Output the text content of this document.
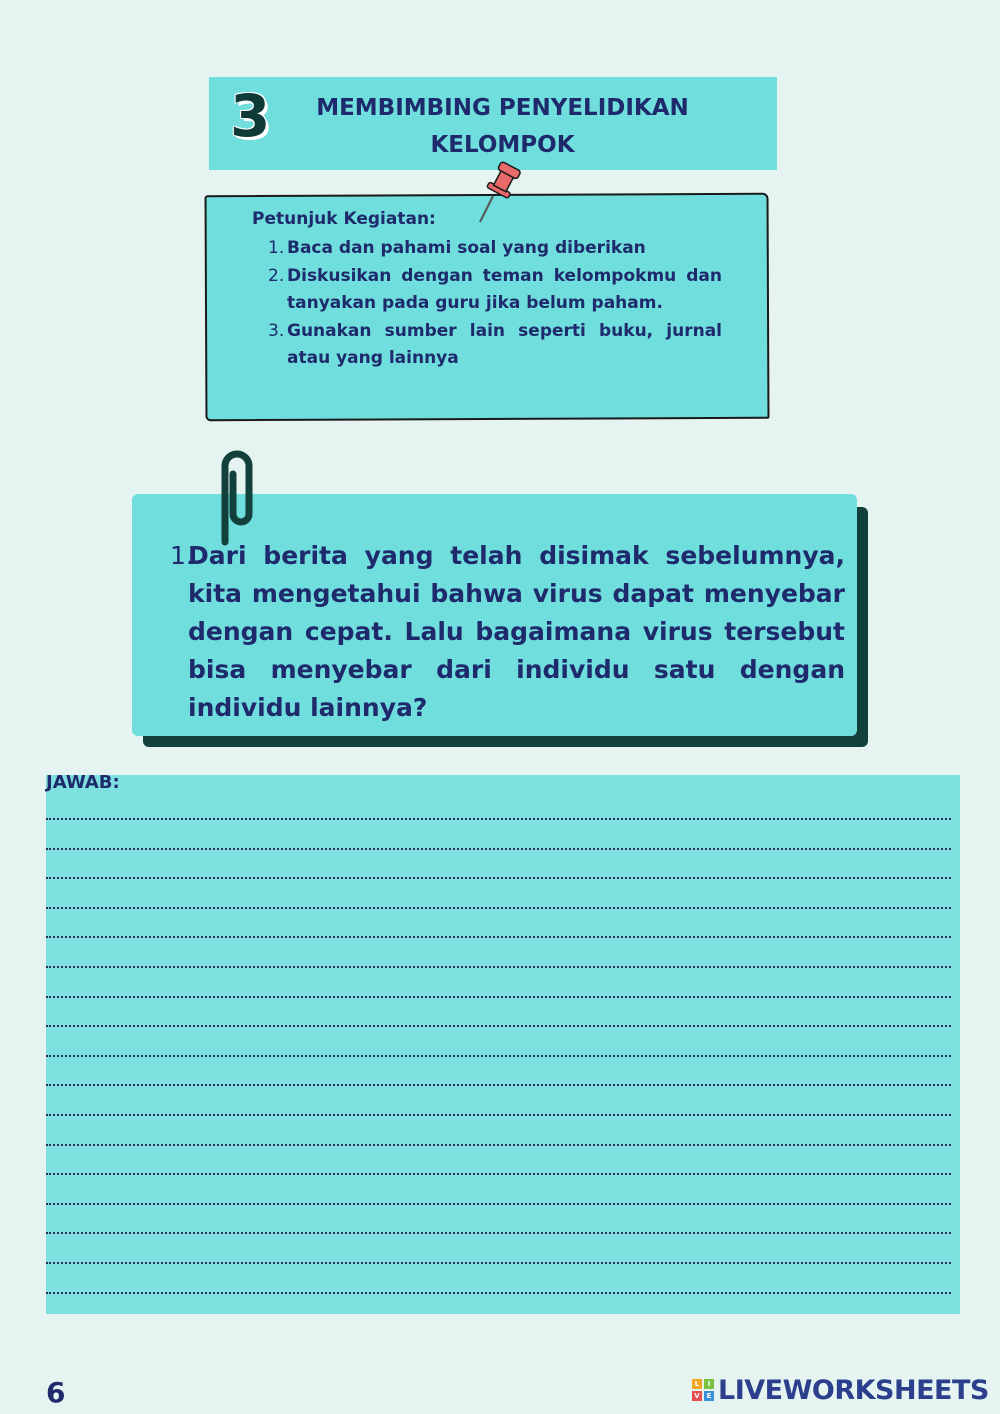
3	MEMBIMBING PENYELIDIKAN
KELOMPOK
Petunjuk Kegiatan:
1. Baca dan pahami soal yang diberikan
2. Diskusikan dengan teman kelompokmu dan tanyakan pada guru jika belum paham.
3. Gunakan sumber lain seperti buku, jurnal atau yang lainnya
1.
Dari berita yang telah disimak sebelumnya, kita mengetahui bahwa virus dapat menyebar dengan cepat. Lalu bagaimana virus tersebut bisa menyebar dari individu satu dengan individu lainnya?
JAWAB:
6	L	I
V E LIVEWORKSHEETS
